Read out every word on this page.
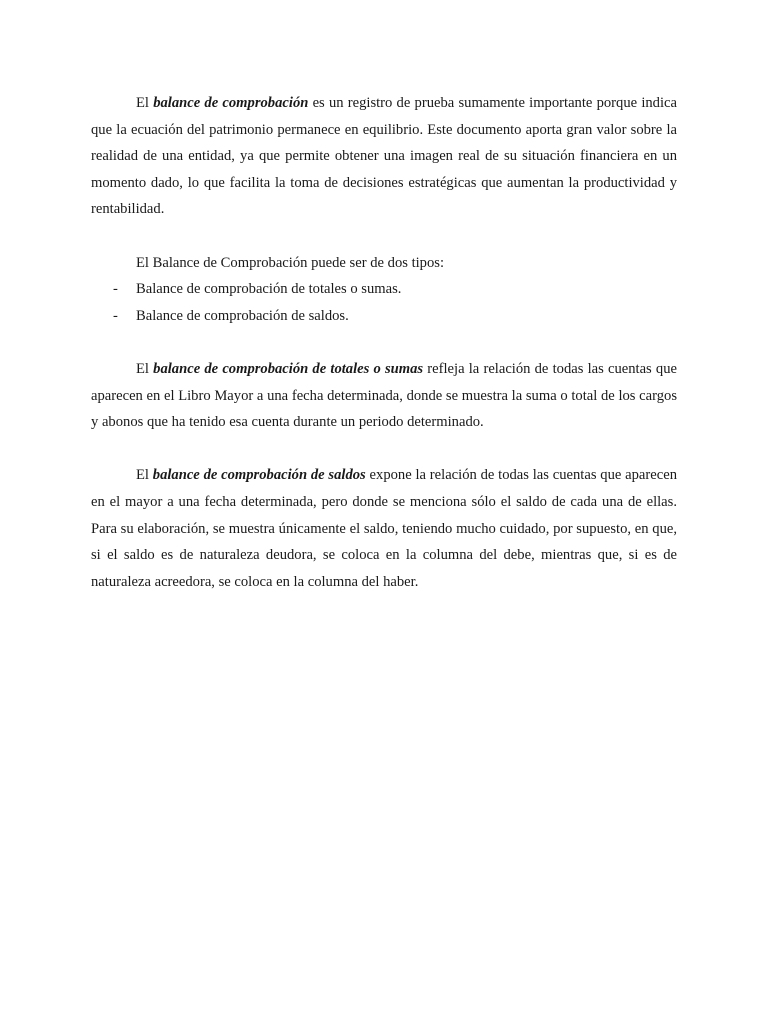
El balance de comprobación es un registro de prueba sumamente importante porque indica que la ecuación del patrimonio permanece en equilibrio. Este documento aporta gran valor sobre la realidad de una entidad, ya que permite obtener una imagen real de su situación financiera en un momento dado, lo que facilita la toma de decisiones estratégicas que aumentan la productividad y rentabilidad.

El Balance de Comprobación puede ser de dos tipos:

- Balance de comprobación de totales o sumas.
- Balance de comprobación de saldos.

El balance de comprobación de totales o sumas refleja la relación de todas las cuentas que aparecen en el Libro Mayor a una fecha determinada, donde se muestra la suma o total de los cargos y abonos que ha tenido esa cuenta durante un periodo determinado.

El balance de comprobación de saldos expone la relación de todas las cuentas que aparecen en el mayor a una fecha determinada, pero donde se menciona sólo el saldo de cada una de ellas. Para su elaboración, se muestra únicamente el saldo, teniendo mucho cuidado, por supuesto, en que, si el saldo es de naturaleza deudora, se coloca en la columna del debe, mientras que, si es de naturaleza acreedora, se coloca en la columna del haber.
